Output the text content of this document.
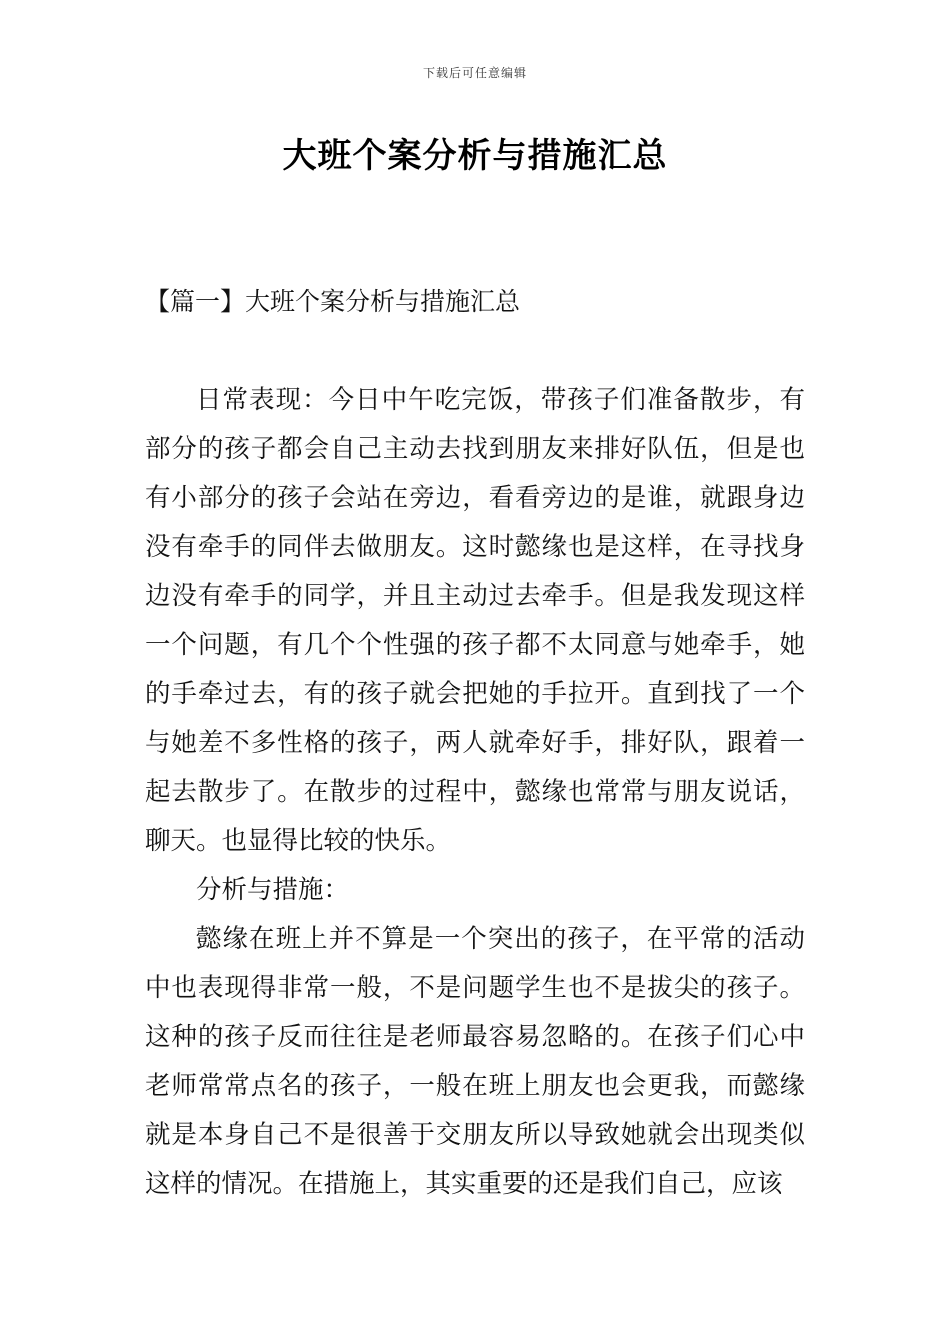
下载后可任意编辑
大班个案分析与措施汇总
【篇一】大班个案分析与措施汇总

日常表现：今日中午吃完饭，带孩子们准备散步，有部分的孩子都会自己主动去找到朋友来排好队伍，但是也有小部分的孩子会站在旁边，看看旁边的是谁，就跟身边没有牵手的同伴去做朋友。这时懿缘也是这样，在寻找身边没有牵手的同学，并且主动过去牵手。但是我发现这样一个问题，有几个个性强的孩子都不太同意与她牵手，她的手牵过去，有的孩子就会把她的手拉开。直到找了一个与她差不多性格的孩子，两人就牵好手，排好队，跟着一起去散步了。在散步的过程中，懿缘也常常与朋友说话，聊天。也显得比较的快乐。

分析与措施：

懿缘在班上并不算是一个突出的孩子，在平常的活动中也表现得非常一般，不是问题学生也不是拔尖的孩子。这种的孩子反而往往是老师最容易忽略的。在孩子们心中老师常常点名的孩子，一般在班上朋友也会更我，而懿缘就是本身自己不是很善于交朋友所以导致她就会出现类似这样的情况。在措施上，其实重要的还是我们自己，应该
